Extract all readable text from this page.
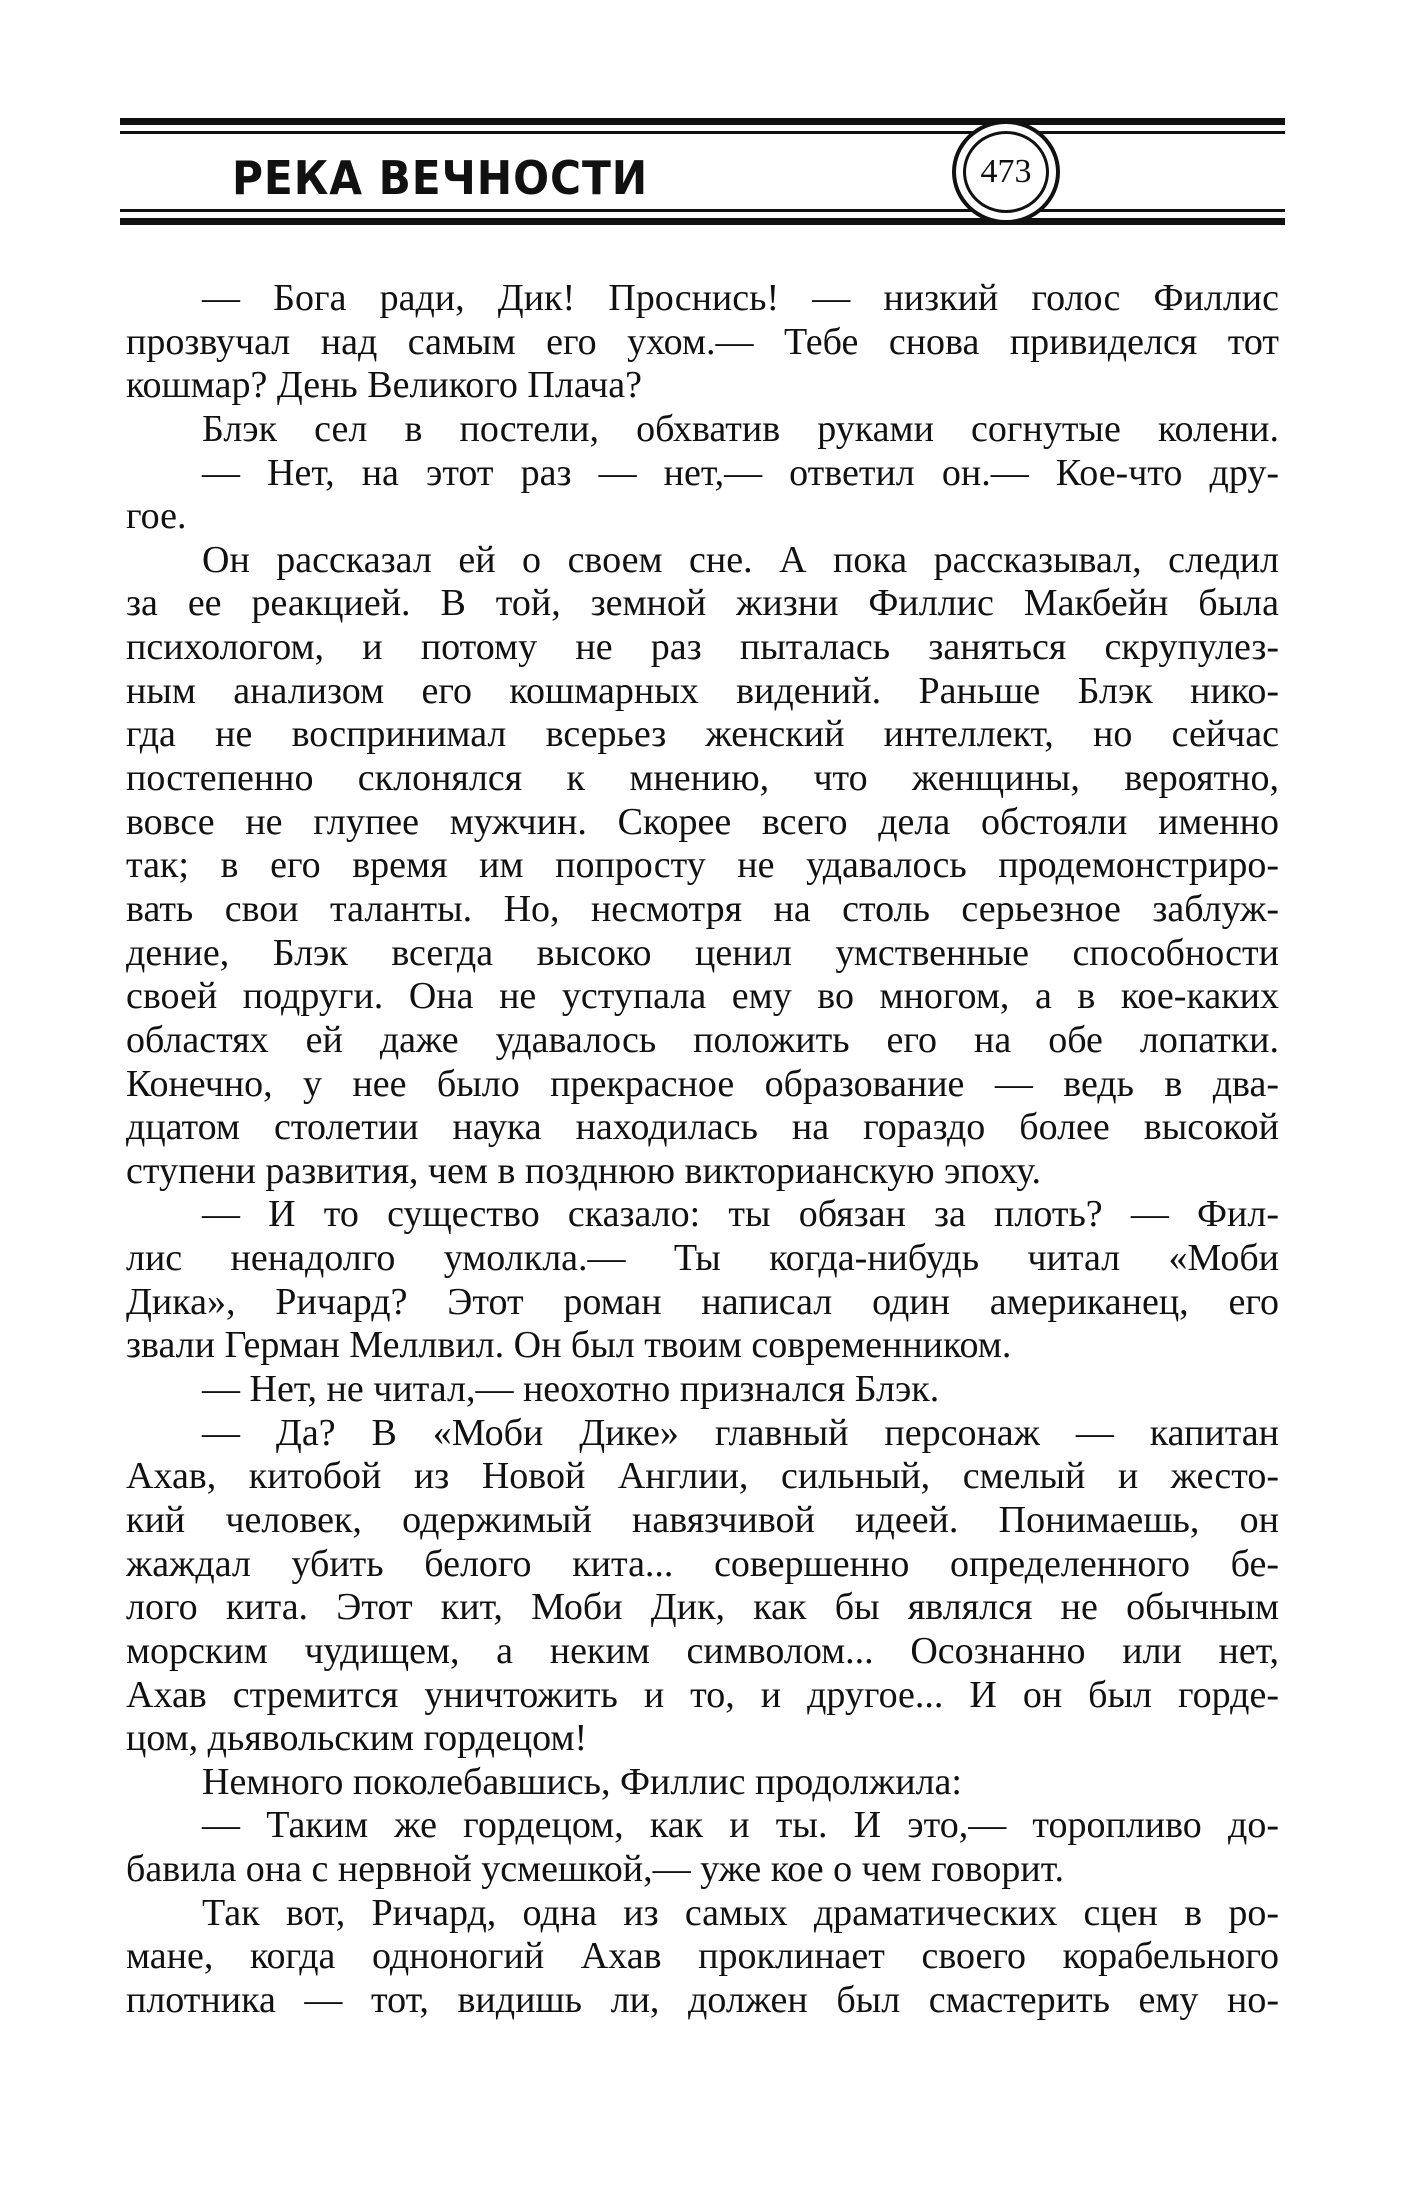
РЕКА ВЕЧНОСТИ	473
— Бога ради, Дик! Проснись! — низкий голос Филлис
прозвучал над самым его ухом.— Тебе снова привиделся тот
кошмар? День Великого Плача?
Блэк сел в постели, обхватив руками согнутые колени.
— Нет, на этот раз — нет,— ответил он.— Кое-что дру-
гое.
Он рассказал ей о своем сне. А пока рассказывал, следил
за ее реакцией. В той, земной жизни Филлис Макбейн была
психологом, и потому не раз пыталась заняться скрупулез-
ным анализом его кошмарных видений. Раньше Блэк нико-
гда не воспринимал всерьез женский интеллект, но сейчас
постепенно склонялся к мнению, что женщины, вероятно,
вовсе не глупее мужчин. Скорее всего дела обстояли именно
так; в его время им попросту не удавалось продемонстриро-
вать свои таланты. Но, несмотря на столь серьезное заблуж-
дение, Блэк всегда высоко ценил умственные способности
своей подруги. Она не уступала ему во многом, а в кое-каких
областях ей даже удавалось положить его на обе лопатки.
Конечно, у нее было прекрасное образование — ведь в два-
дцатом столетии наука находилась на гораздо более высокой
ступени развития, чем в позднюю викторианскую эпоху.
— И то существо сказало: ты обязан за плоть? — Фил-
лис ненадолго умолкла.— Ты когда-нибудь читал «Моби
Дика», Ричард? Этот роман написал один американец, его
звали Герман Меллвил. Он был твоим современником.
— Нет, не читал,— неохотно признался Блэк.
— Да? В «Моби Дике» главный персонаж — капитан
Ахав, китобой из Новой Англии, сильный, смелый и жесто-
кий человек, одержимый навязчивой идеей. Понимаешь, он
жаждал убить белого кита... совершенно определенного бе-
лого кита. Этот кит, Моби Дик, как бы являлся не обычным
морским чудищем, а неким символом... Осознанно или нет,
Ахав стремится уничтожить и то, и другое... И он был горде-
цом, дьявольским гордецом!
Немного поколебавшись, Филлис продолжила:
— Таким же гордецом, как и ты. И это,— торопливо до-
бавила она с нервной усмешкой,— уже кое о чем говорит.
Так вот, Ричард, одна из самых драматических сцен в ро-
мане, когда одноногий Ахав проклинает своего корабельного
плотника — тот, видишь ли, должен был смастерить ему но-
